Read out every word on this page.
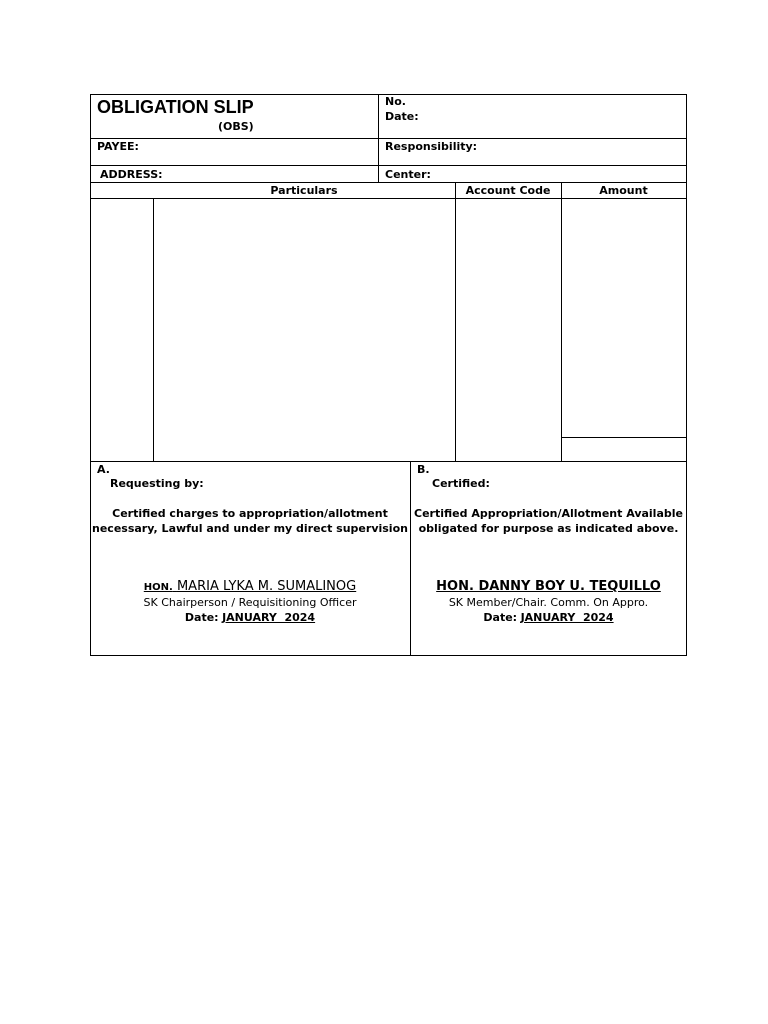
OBLIGATION SLIP
(OBS)
No.
Date:
PAYEE:	Responsibility:
ADDRESS:	Center:
Particulars	Account Code	Amount
A.
Requesting by:
Certified charges to appropriation/allotment
necessary, Lawful and under my direct supervision
HON. MARIA LYKA M. SUMALINOG
SK Chairperson / Requisitioning Officer
Date: JANUARY  2024
B.
Certified:
Certified Appropriation/Allotment Available
obligated for purpose as indicated above.
HON. DANNY BOY U. TEQUILLO
SK Member/Chair. Comm. On Appro.
Date: JANUARY  2024
